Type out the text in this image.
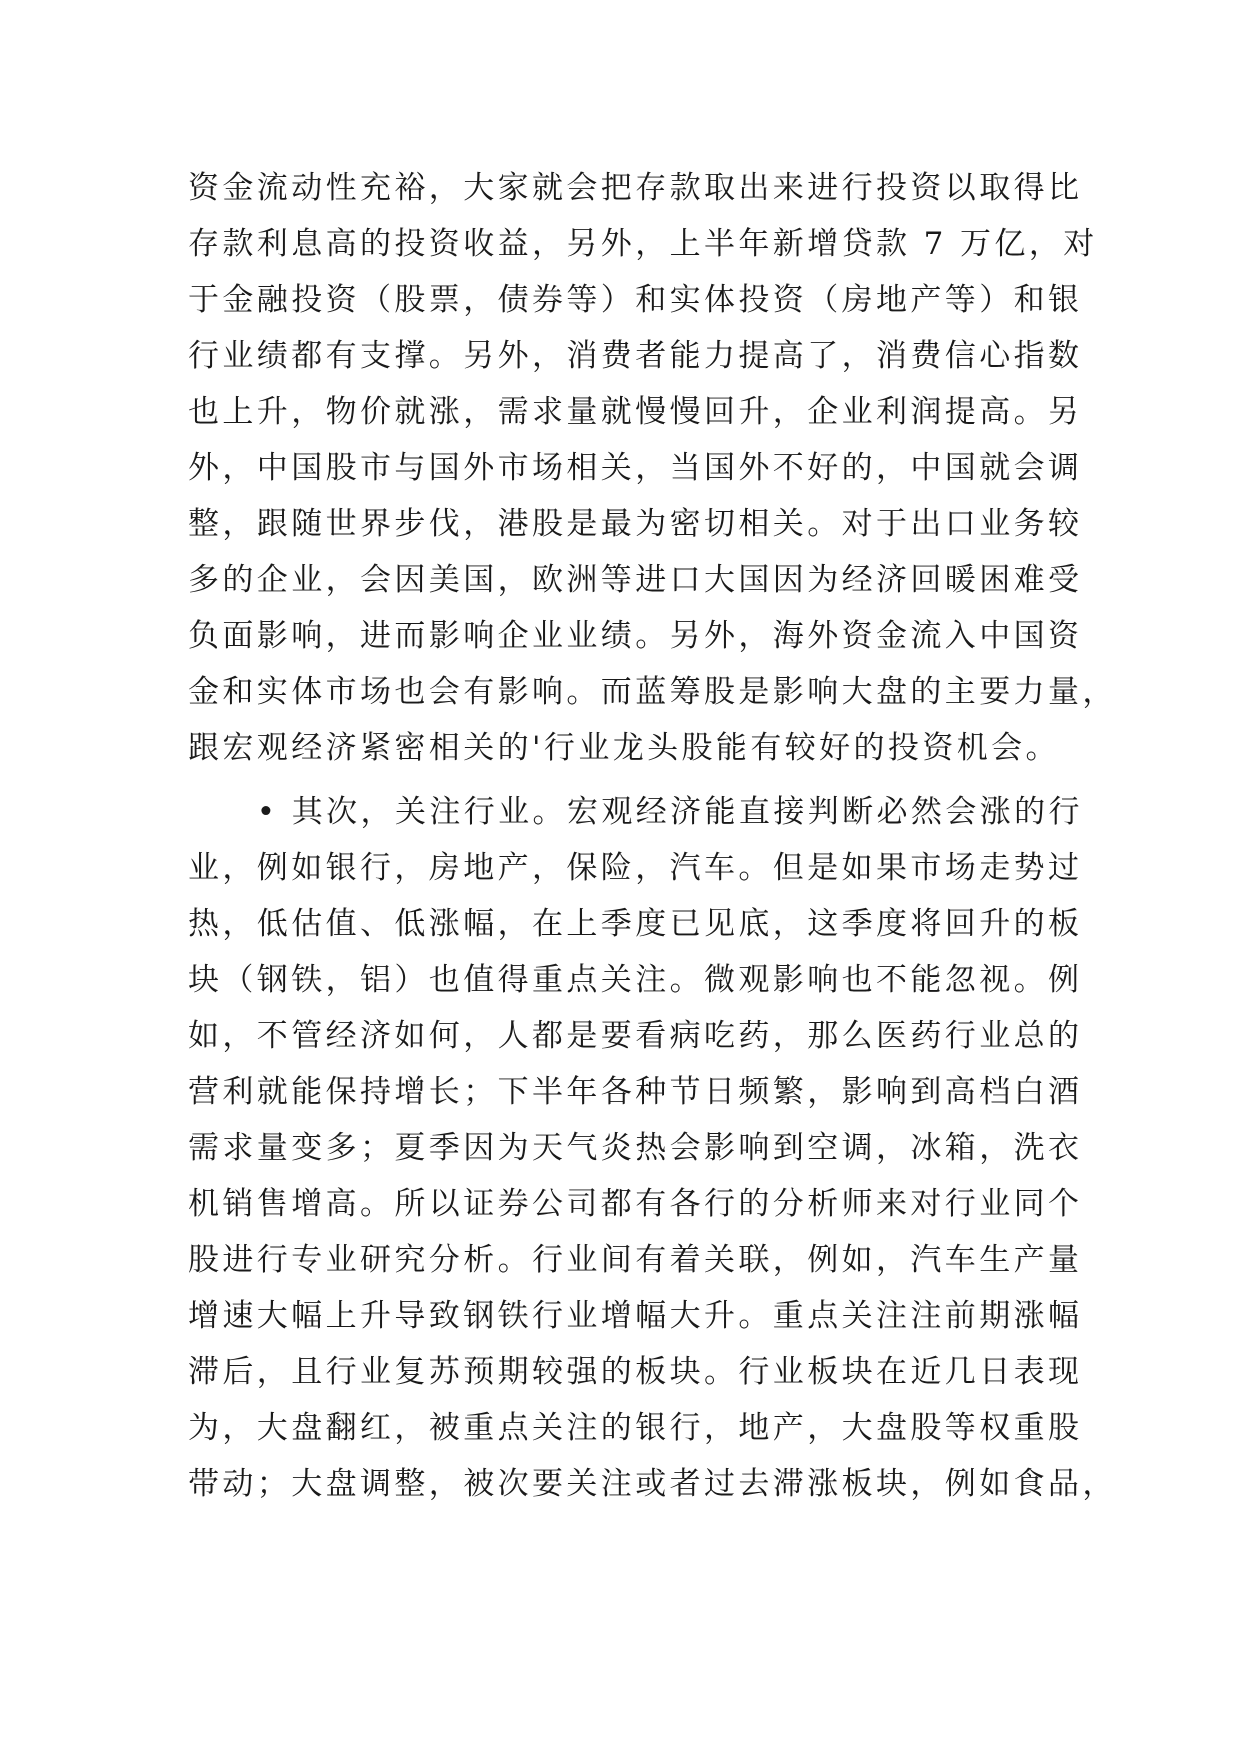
资金流动性充裕，大家就会把存款取出来进行投资以取得比
存款利息高的投资收益，另外，上半年新增贷款 7 万亿，对
于金融投资（股票，债券等）和实体投资（房地产等）和银
行业绩都有支撑。另外，消费者能力提高了，消费信心指数
也上升，物价就涨，需求量就慢慢回升，企业利润提高。另
外，中国股市与国外市场相关，当国外不好的，中国就会调
整，跟随世界步伐，港股是最为密切相关。对于出口业务较
多的企业，会因美国，欧洲等进口大国因为经济回暖困难受
负面影响，进而影响企业业绩。另外，海外资金流入中国资
金和实体市场也会有影响。而蓝筹股是影响大盘的主要力量，
跟宏观经济紧密相关的'行业龙头股能有较好的投资机会。
　　• 其次，关注行业。宏观经济能直接判断必然会涨的行
业，例如银行，房地产，保险，汽车。但是如果市场走势过
热，低估值、低涨幅，在上季度已见底，这季度将回升的板
块（钢铁，铝）也值得重点关注。微观影响也不能忽视。例
如，不管经济如何，人都是要看病吃药，那么医药行业总的
营利就能保持增长；下半年各种节日频繁，影响到高档白酒
需求量变多；夏季因为天气炎热会影响到空调，冰箱，洗衣
机销售增高。所以证券公司都有各行的分析师来对行业同个
股进行专业研究分析。行业间有着关联，例如，汽车生产量
增速大幅上升导致钢铁行业增幅大升。重点关注注前期涨幅
滞后，且行业复苏预期较强的板块。行业板块在近几日表现
为，大盘翻红，被重点关注的银行，地产，大盘股等权重股
带动；大盘调整，被次要关注或者过去滞涨板块，例如食品，
